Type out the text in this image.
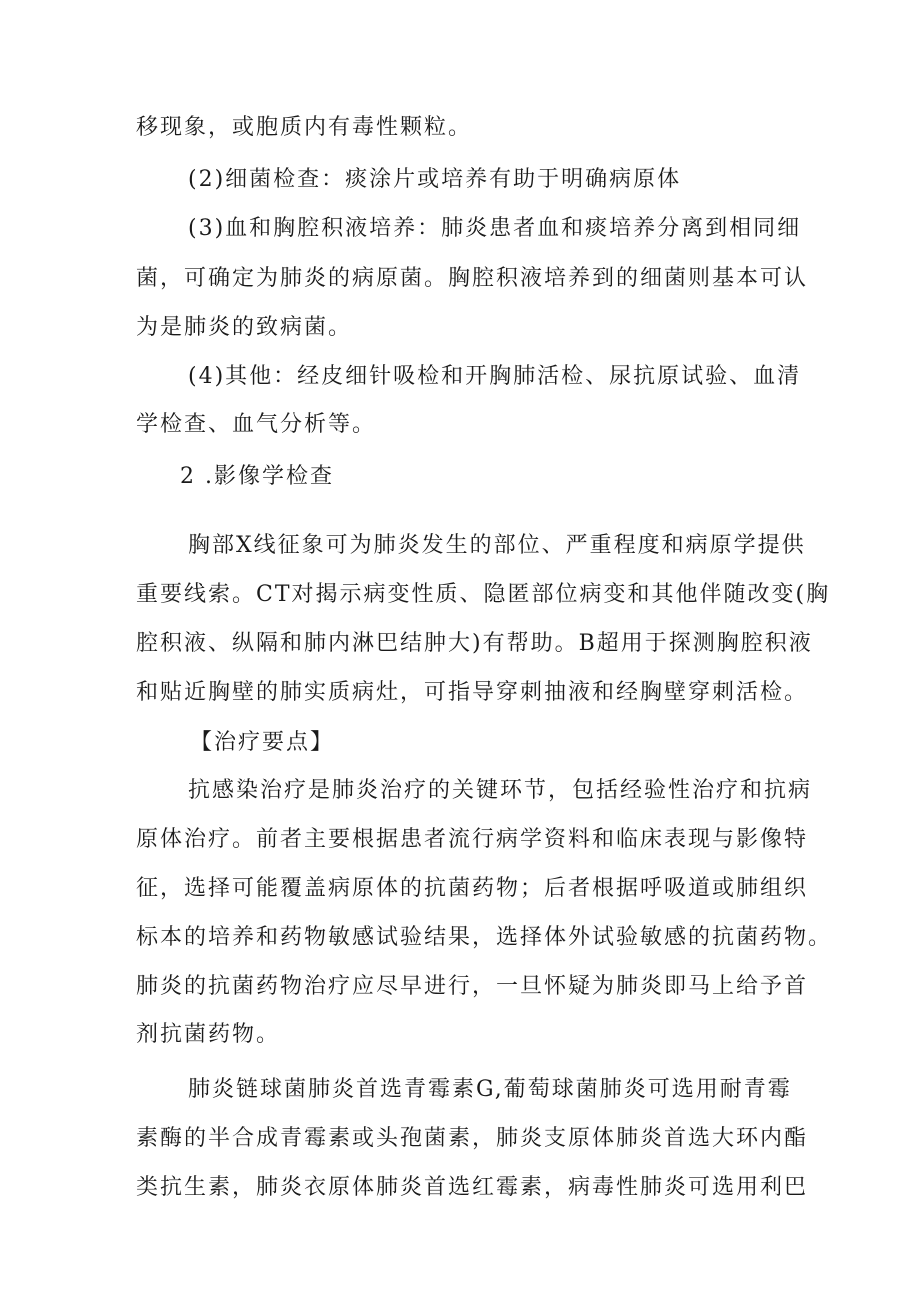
移现象，或胞质内有毒性颗粒。
(2)细菌检查：痰涂片或培养有助于明确病原体
(3)血和胸腔积液培养：肺炎患者血和痰培养分离到相同细
菌，可确定为肺炎的病原菌。胸腔积液培养到的细菌则基本可认
为是肺炎的致病菌。
(4)其他：经皮细针吸检和开胸肺活检、尿抗原试验、血清
学检查、血气分析等。
2 .影像学检查
胸部X线征象可为肺炎发生的部位、严重程度和病原学提供
重要线索。CT对揭示病变性质、隐匿部位病变和其他伴随改变(胸
腔积液、纵隔和肺内淋巴结肿大)有帮助。B超用于探测胸腔积液
和贴近胸壁的肺实质病灶，可指导穿刺抽液和经胸壁穿刺活检。
【治疗要点】
抗感染治疗是肺炎治疗的关键环节，包括经验性治疗和抗病
原体治疗。前者主要根据患者流行病学资料和临床表现与影像特
征，选择可能覆盖病原体的抗菌药物；后者根据呼吸道或肺组织
标本的培养和药物敏感试验结果，选择体外试验敏感的抗菌药物。
肺炎的抗菌药物治疗应尽早进行，一旦怀疑为肺炎即马上给予首
剂抗菌药物。
肺炎链球菌肺炎首选青霉素G,葡萄球菌肺炎可选用耐青霉
素酶的半合成青霉素或头孢菌素，肺炎支原体肺炎首选大环内酯
类抗生素，肺炎衣原体肺炎首选红霉素，病毒性肺炎可选用利巴
